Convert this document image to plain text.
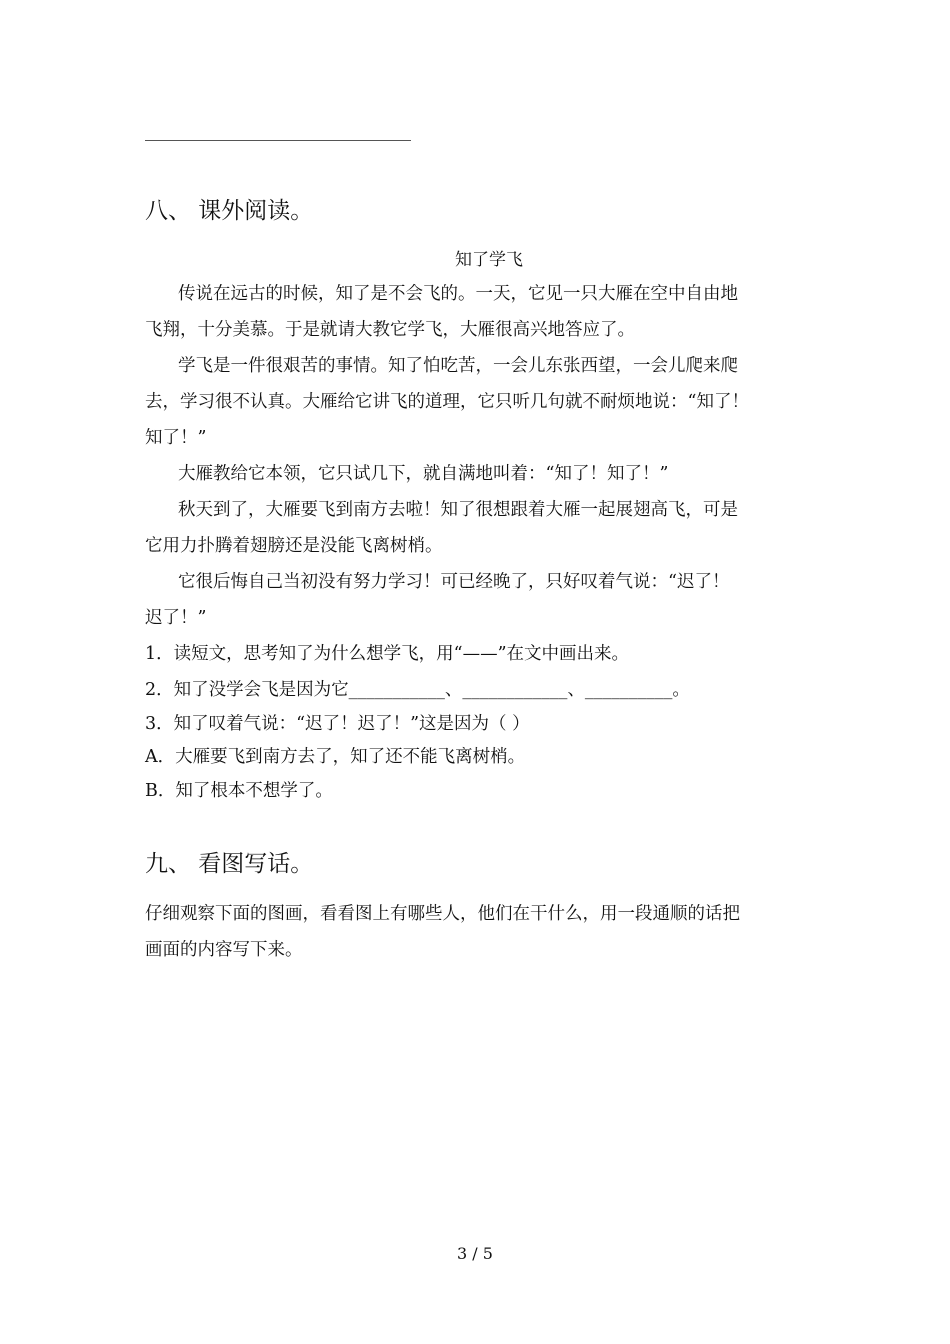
八、 课外阅读。
知了学飞
传说在远古的时候，知了是不会飞的。一天，它见一只大雁在空中自由地
飞翔，十分美慕。于是就请大教它学飞，大雁很高兴地答应了。
学飞是一件很艰苦的事情。知了怕吃苦，一会儿东张西望，一会儿爬来爬
去，学习很不认真。大雁给它讲飞的道理，它只听几句就不耐烦地说：“知了！
知了！”
大雁教给它本领，它只试几下，就自满地叫着：“知了！知了！”
秋天到了，大雁要飞到南方去啦！知了很想跟着大雁一起展翅高飞，可是
它用力扑腾着翅膀还是没能飞离树梢。
它很后悔自己当初没有努力学习！可已经晚了，只好叹着气说：“迟了！
迟了！”
1．读短文，思考知了为什么想学飞，用“——”在文中画出来。
2．知了没学会飞是因为它___________、____________、__________。
3．知了叹着气说：“迟了！迟了！”这是因为（ ）
A．大雁要飞到南方去了，知了还不能飞离树梢。
B．知了根本不想学了。
九、 看图写话。
仔细观察下面的图画，看看图上有哪些人，他们在干什么，用一段通顺的话把
画面的内容写下来。
3 / 5
